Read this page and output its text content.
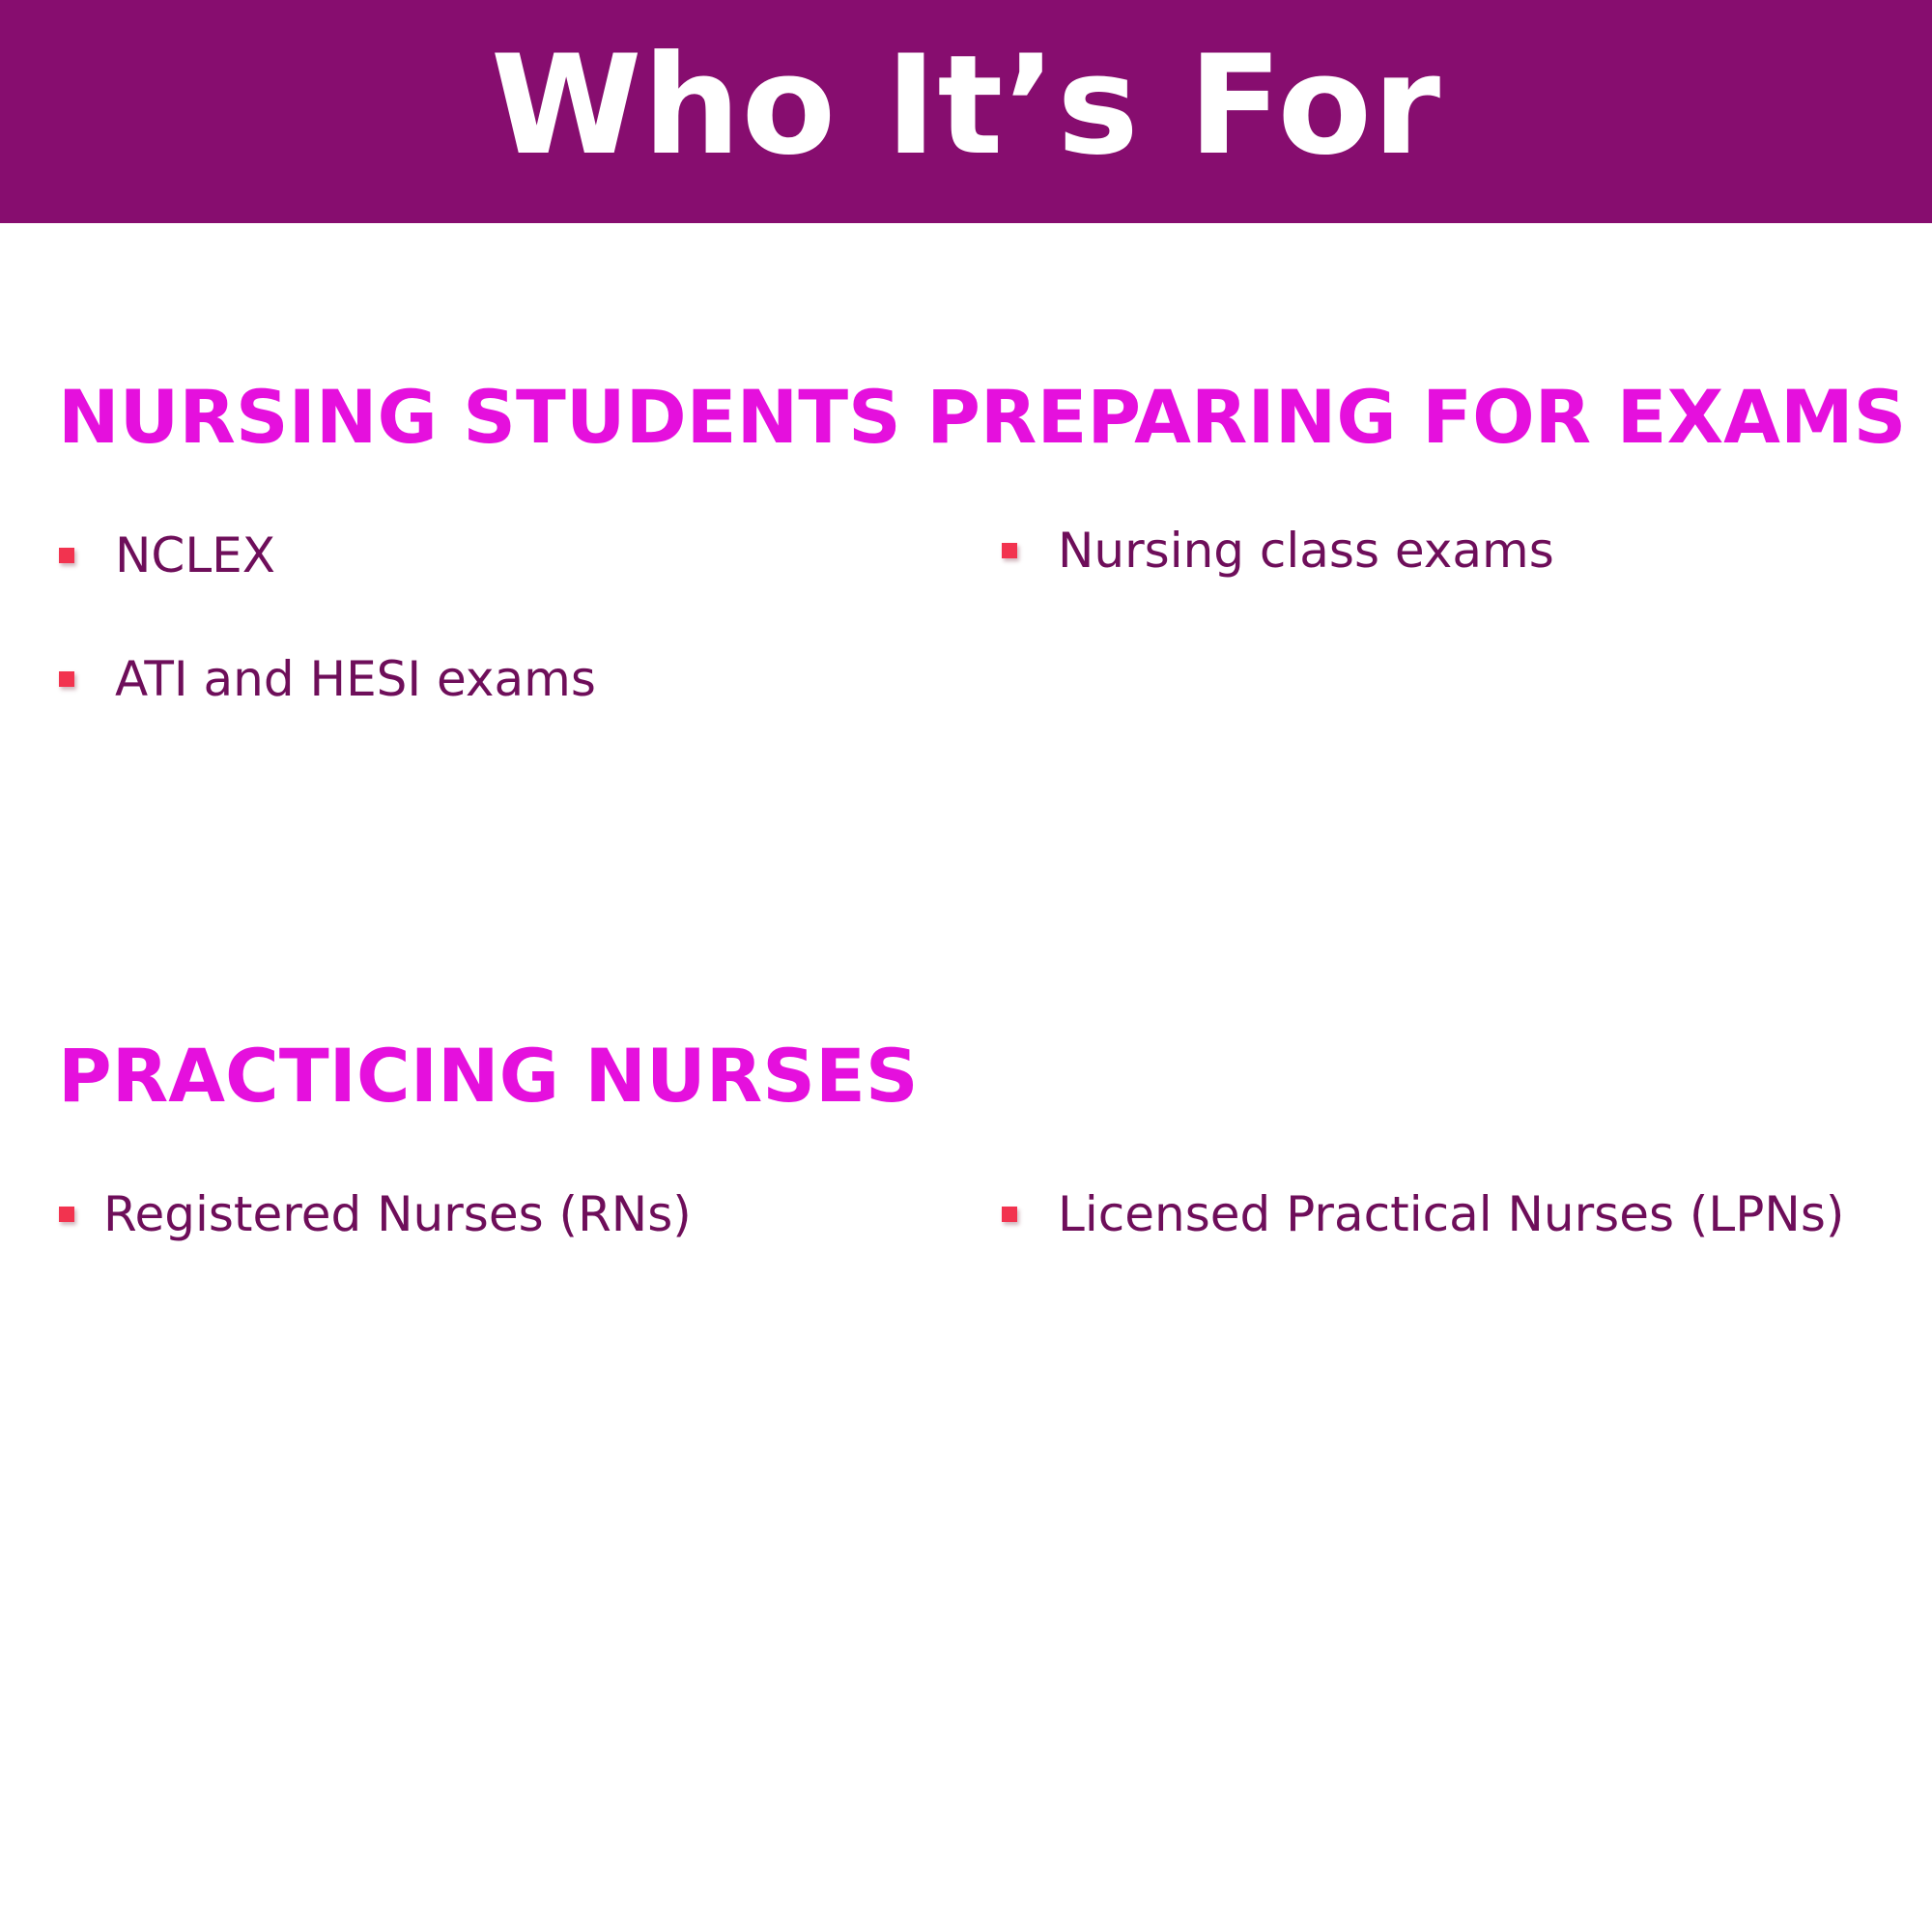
Who It’s For
NURSING STUDENTS PREPARING FOR EXAMS
NCLEX
ATI and HESI exams
Nursing class exams
PRACTICING NURSES
Registered Nurses (RNs)	Licensed Practical Nurses (LPNs)
